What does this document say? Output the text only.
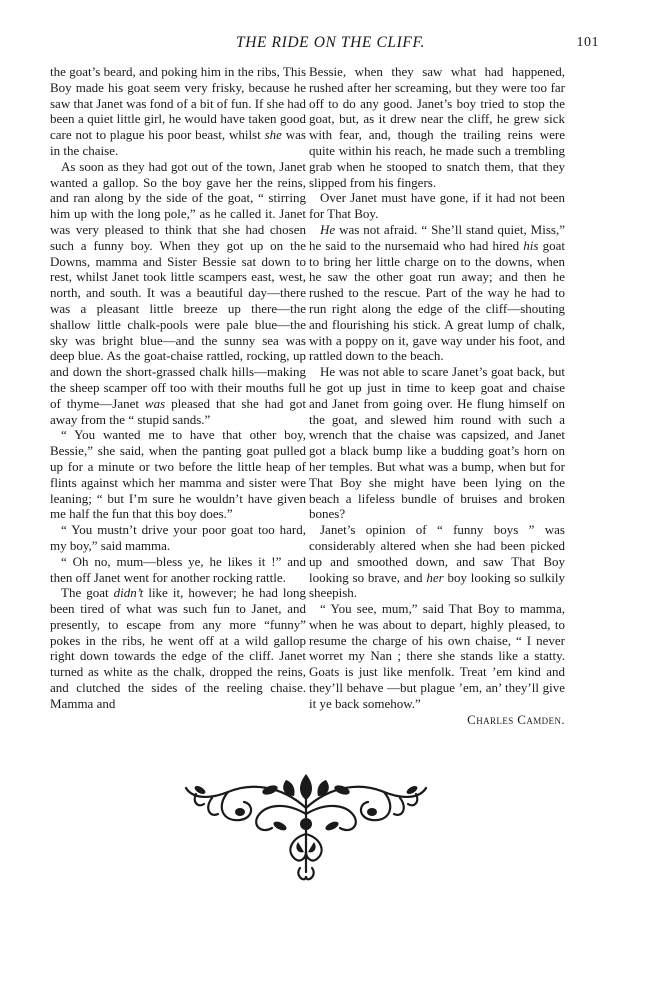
THE RIDE ON THE CLIFF.	101

the goat’s beard, and poking him in the ribs, This Boy made his goat seem very frisky, because he saw that Janet was fond of a bit of fun. If she had been a quiet little girl, he would have taken good care not to plague his poor beast, whilst she was in the chaise.

As soon as they had got out of the town, Janet wanted a gallop. So the boy gave her the reins, and ran along by the side of the goat, “ stirring him up with the long pole,” as he called it. Janet was very pleased to think that she had chosen such a funny boy. When they got up on the Downs, mamma and Sister Bessie sat down to rest, whilst Janet took little scampers east, west, north, and south. It was a beautiful day—there was a pleasant little breeze up there—the shallow little chalk-pools were pale blue—the sky was bright blue—and the sunny sea was deep blue. As the goat-chaise rattled, rocking, up and down the short-grassed chalk hills—making the sheep scamper off too with their mouths full of thyme—Janet was pleased that she had got away from the “ stupid sands.”

“ You wanted me to have that other boy, Bessie,” she said, when the panting goat pulled up for a minute or two before the little heap of flints against which her mamma and sister were leaning; “ but I’m sure he wouldn’t have given me half the fun that this boy does.”

“ You mustn’t drive your poor goat too hard, my boy,” said mamma.

“ Oh no, mum—bless ye, he likes it !” and then off Janet went for another rocking rattle.

The goat didn’t like it, however; he had long been tired of what was such fun to Janet, and presently, to escape from any more “funny” pokes in the ribs, he went off at a wild gallop right down towards the edge of the cliff. Janet turned as white as the chalk, dropped the reins, and clutched the sides of the reeling chaise. Mamma and

Bessie, when they saw what had happened, rushed after her screaming, but they were too far off to do any good. Janet’s boy tried to stop the goat, but, as it drew near the cliff, he grew sick with fear, and, though the trailing reins were quite within his reach, he made such a trembling grab when he stooped to snatch them, that they slipped from his fingers.

Over Janet must have gone, if it had not been for That Boy.

He was not afraid. “ She’ll stand quiet, Miss,” he said to the nursemaid who had hired his goat to bring her little charge on to the downs, when he saw the other goat run away; and then he rushed to the rescue. Part of the way he had to run right along the edge of the cliff—shouting and flourishing his stick. A great lump of chalk, with a poppy on it, gave way under his foot, and rattled down to the beach.

He was not able to scare Janet’s goat back, but he got up just in time to keep goat and chaise and Janet from going over. He flung himself on the goat, and slewed him round with such a wrench that the chaise was capsized, and Janet got a black bump like a budding goat’s horn on her temples. But what was a bump, when but for That Boy she might have been lying on the beach a lifeless bundle of bruises and broken bones?

Janet’s opinion of “ funny boys ” was considerably altered when she had been picked up and smoothed down, and saw That Boy looking so brave, and her boy looking so sulkily sheepish.

“ You see, mum,” said That Boy to mamma, when he was about to depart, highly pleased, to resume the charge of his own chaise, “ I never worret my Nan ; there she stands like a statty. Goats is just like menfolk. Treat ’em kind and they’ll behave —but plague ’em, an’ they’ll give it ye back somehow.”

Charles Camden.
